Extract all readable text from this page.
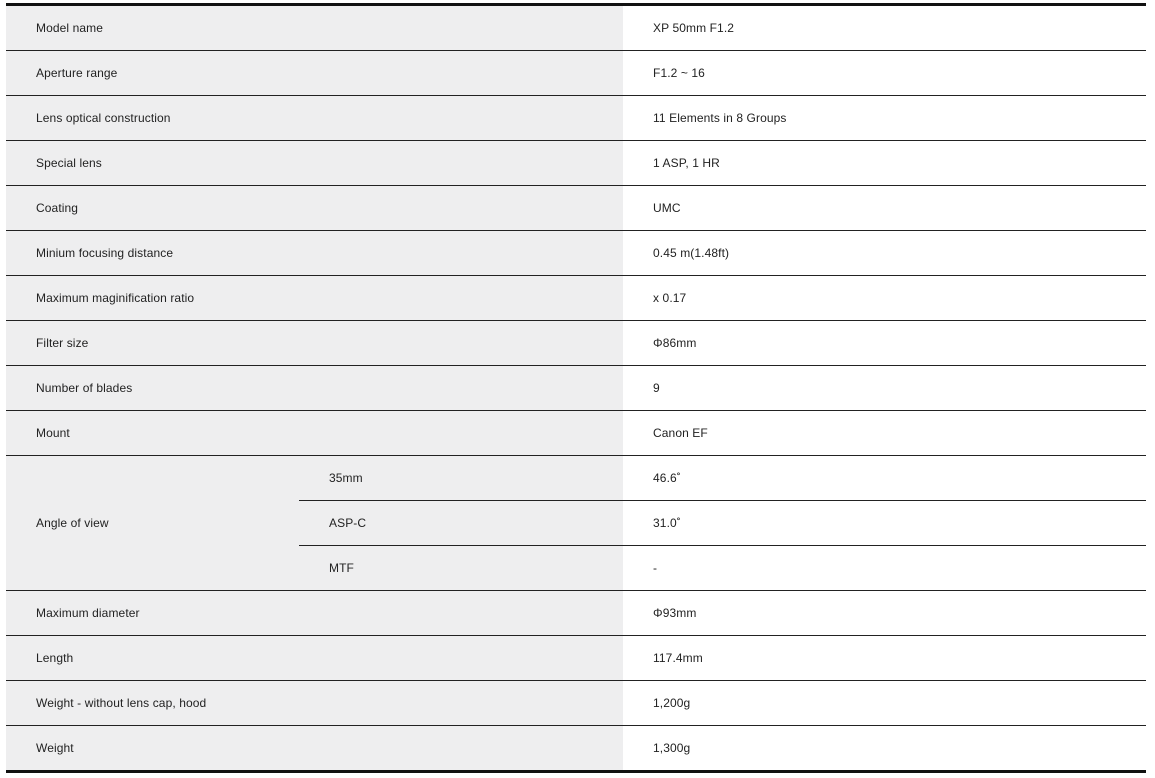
Model name		XP 50mm F1.2
Aperture range		F1.2 ~ 16
Lens optical construction		11 Elements in 8 Groups
Special lens		1 ASP, 1 HR
Coating		UMC
Minium focusing distance		0.45 m(1.48ft)
Maximum maginification ratio		x 0.17
Filter size		Φ86mm
Number of blades		9
Mount		Canon EF
Angle of view	35mm	46.6˚
	ASP-C	31.0˚
	MTF	-
Maximum diameter		Φ93mm
Length		117.4mm
Weight - without lens cap, hood		1,200g
Weight		1,300g
